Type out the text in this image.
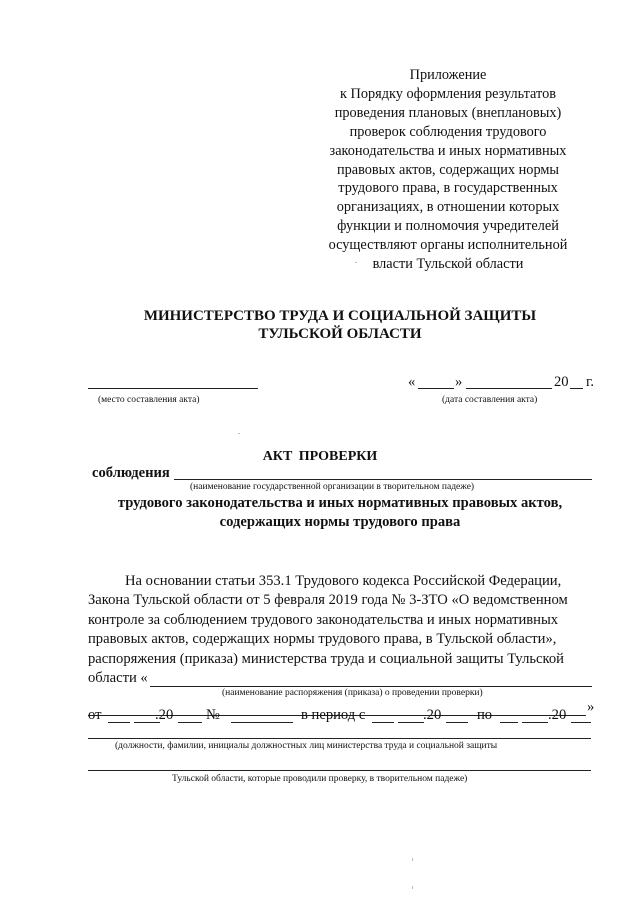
Приложение
к Порядку оформления результатов
проведения плановых (внеплановых)
проверок соблюдения трудового
законодательства и иных нормативных
правовых актов, содержащих нормы
трудового права, в государственных
организациях, в отношении которых
функции и полномочия учредителей
осуществляют органы исполнительной
власти Тульской области
МИНИСТЕРСТВО ТРУДА И СОЦИАЛЬНОЙ ЗАЩИТЫ
ТУЛЬСКОЙ ОБЛАСТИ
(место составления акта)
«	»	20 г.
(дата составления акта)
АКТ ПРОВЕРКИ
соблюдения
(наименование государственной организации в творительном падеже)
трудового законодательства и иных нормативных правовых актов,
содержащих нормы трудового права
На основании статьи 353.1 Трудового кодекса Российской Федерации,
Закона Тульской области от 5 февраля 2019 года № 3-ЗТО «О ведомственном
контроле за соблюдением трудового законодательства и иных нормативных
правовых актов, содержащих нормы трудового права, в Тульской области»,
распоряжения (приказа) министерства труда и социальной защиты Тульской
области «
(наименование распоряжения (приказа) о проведении проверки)
»
от	.20 №	в период с	.20 по	.20
(должности, фамилии, инициалы должностных лиц министерства труда и социальной защиты
Тульской области, которые проводили проверку, в творительном падеже)
